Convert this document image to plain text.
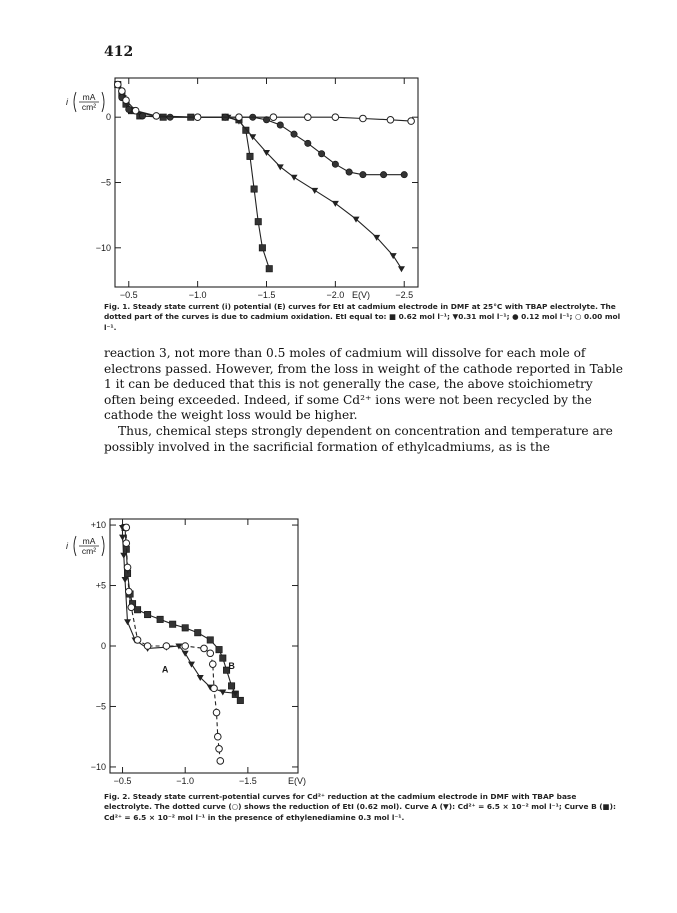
412
0
−5
−10
−0.5	−1.0	−1.5	−2.0	−2.5
E(V)
i mA
cm²
Fig. 1. Steady state current (i) potential (E) curves for EtI at cadmium electrode in DMF at 25°C with TBAP electrolyte. The dotted part of the curves is due to cadmium oxidation. EtI equal to: ■ 0.62 mol l⁻¹; ▼0.31 mol l⁻¹; ● 0.12 mol l⁻¹; ○ 0.00 mol l⁻¹.

reaction 3, not more than 0.5 moles of cadmium will dissolve for each mole of electrons passed. However, from the loss in weight of the cathode reported in Table 1 it can be deduced that this is not generally the case, the above stoichiometry often being exceeded. Indeed, if some Cd²⁺ ions were not been recycled by the cathode the weight loss would be higher.

Thus, chemical steps strongly dependent on concentration and temperature are possibly involved in the sacrificial formation of ethylcadmiums, as is the

+10
+5
0
−5
−10
−0.5	−1.0	−1.5	E(V)
i mA
cm²
A	B
Fig. 2. Steady state current-potential curves for Cd²⁺ reduction at the cadmium electrode in DMF with TBAP base electrolyte. The dotted curve (○) shows the reduction of EtI (0.62 mol). Curve A (▼): Cd²⁺ = 6.5 × 10⁻² mol l⁻¹; Curve B (■): Cd²⁺ = 6.5 × 10⁻² mol l⁻¹ in the presence of ethylenediamine 0.3 mol l⁻¹.
